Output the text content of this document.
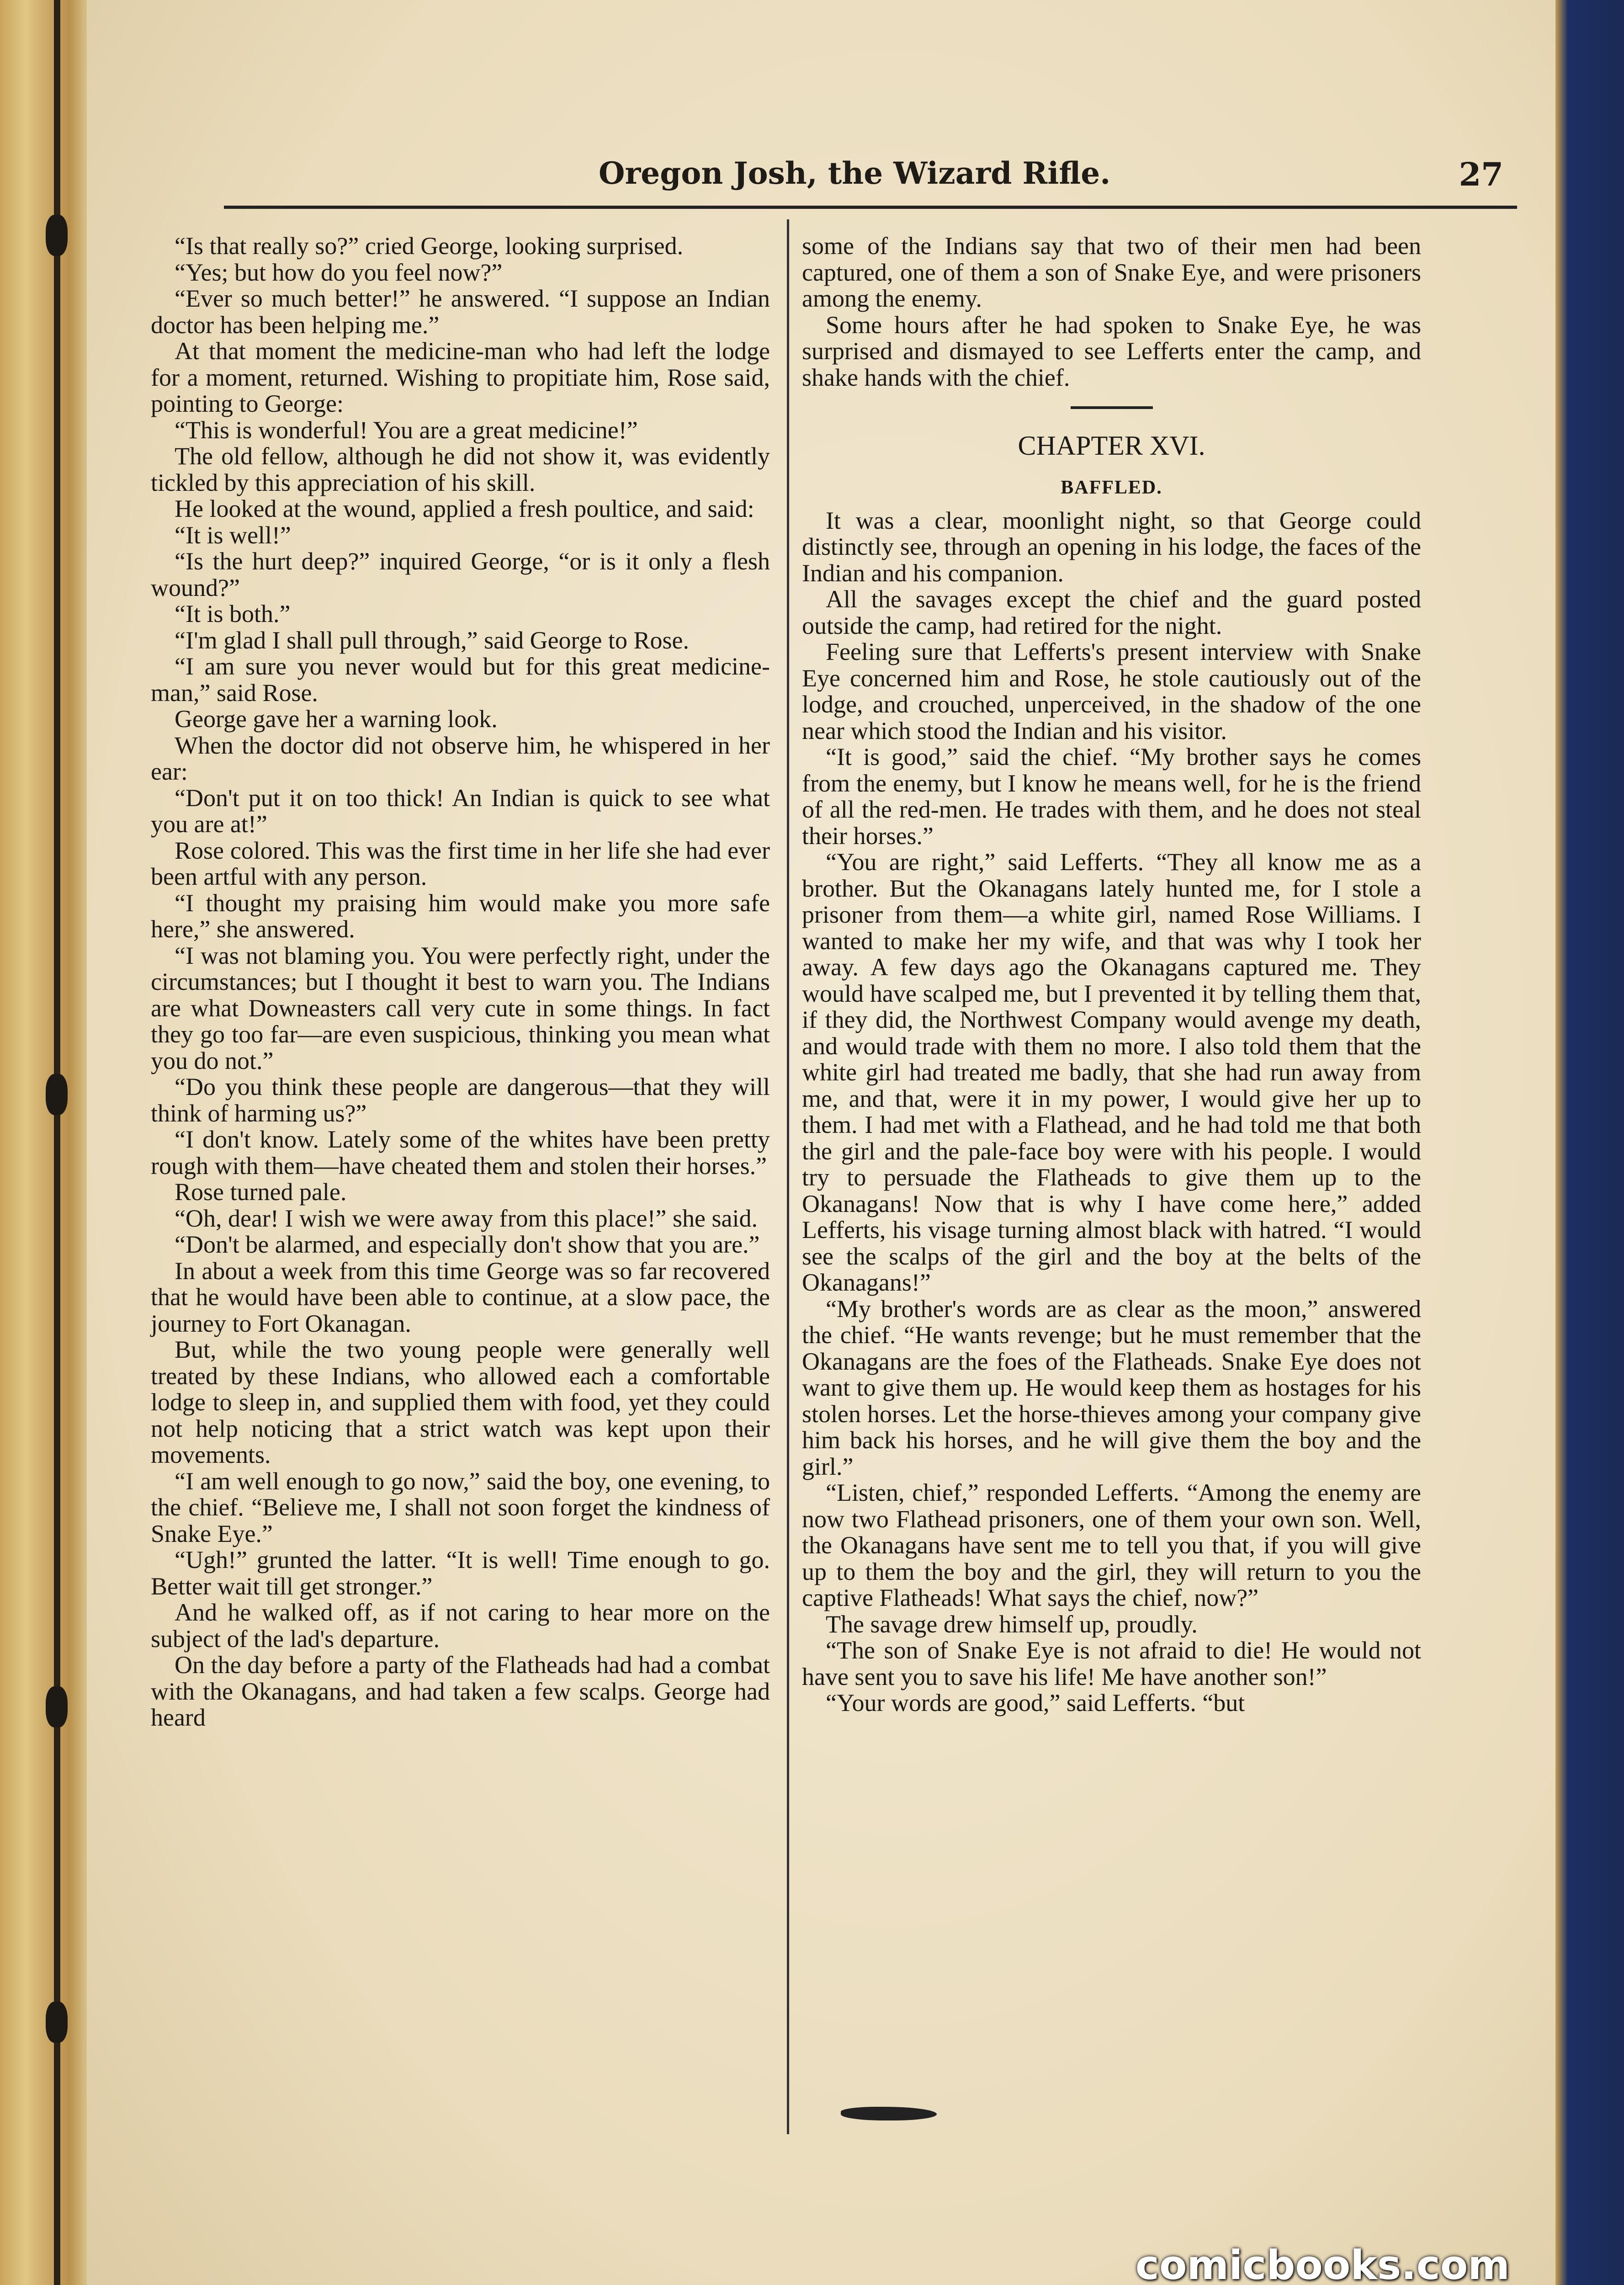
Oregon Josh, the Wizard Rifle.	27

“Is that really so?” cried George, looking surprised.

“Yes; but how do you feel now?”

“Ever so much better!” he answered. “I suppose an Indian doctor has been helping me.”

At that moment the medicine-man who had left the lodge for a moment, returned. Wishing to propitiate him, Rose said, pointing to George:

“This is wonderful! You are a great medicine!”

The old fellow, although he did not show it, was evidently tickled by this appreciation of his skill.

He looked at the wound, applied a fresh poultice, and said:

“It is well!”

“Is the hurt deep?” inquired George, “or is it only a flesh wound?”

“It is both.”

“I'm glad I shall pull through,” said George to Rose.

“I am sure you never would but for this great medicine-man,” said Rose.

George gave her a warning look.

When the doctor did not observe him, he whispered in her ear:

“Don't put it on too thick! An Indian is quick to see what you are at!”

Rose colored. This was the first time in her life she had ever been artful with any person.

“I thought my praising him would make you more safe here,” she answered.

“I was not blaming you. You were perfectly right, under the circumstances; but I thought it best to warn you. The Indians are what Downeasters call very cute in some things. In fact they go too far—are even suspicious, thinking you mean what you do not.”

“Do you think these people are dangerous—that they will think of harming us?”

“I don't know. Lately some of the whites have been pretty rough with them—have cheated them and stolen their horses.”

Rose turned pale.

“Oh, dear! I wish we were away from this place!” she said.

“Don't be alarmed, and especially don't show that you are.”

In about a week from this time George was so far recovered that he would have been able to continue, at a slow pace, the journey to Fort Okanagan.

But, while the two young people were generally well treated by these Indians, who allowed each a comfortable lodge to sleep in, and supplied them with food, yet they could not help noticing that a strict watch was kept upon their movements.

“I am well enough to go now,” said the boy, one evening, to the chief. “Believe me, I shall not soon forget the kindness of Snake Eye.”

“Ugh!” grunted the latter. “It is well! Time enough to go. Better wait till get stronger.”

And he walked off, as if not caring to hear more on the subject of the lad's departure.

On the day before a party of the Flatheads had had a combat with the Okanagans, and had taken a few scalps. George had heard

some of the Indians say that two of their men had been captured, one of them a son of Snake Eye, and were prisoners among the enemy.

Some hours after he had spoken to Snake Eye, he was surprised and dismayed to see Lefferts enter the camp, and shake hands with the chief.

CHAPTER XVI.
BAFFLED.

It was a clear, moonlight night, so that George could distinctly see, through an opening in his lodge, the faces of the Indian and his companion.

All the savages except the chief and the guard posted outside the camp, had retired for the night.

Feeling sure that Lefferts's present interview with Snake Eye concerned him and Rose, he stole cautiously out of the lodge, and crouched, unperceived, in the shadow of the one near which stood the Indian and his visitor.

“It is good,” said the chief. “My brother says he comes from the enemy, but I know he means well, for he is the friend of all the red-men. He trades with them, and he does not steal their horses.”

“You are right,” said Lefferts. “They all know me as a brother. But the Okanagans lately hunted me, for I stole a prisoner from them—a white girl, named Rose Williams. I wanted to make her my wife, and that was why I took her away. A few days ago the Okanagans captured me. They would have scalped me, but I prevented it by telling them that, if they did, the Northwest Company would avenge my death, and would trade with them no more. I also told them that the white girl had treated me badly, that she had run away from me, and that, were it in my power, I would give her up to them. I had met with a Flathead, and he had told me that both the girl and the pale-face boy were with his people. I would try to persuade the Flatheads to give them up to the Okanagans! Now that is why I have come here,” added Lefferts, his visage turning almost black with hatred. “I would see the scalps of the girl and the boy at the belts of the Okanagans!”

“My brother's words are as clear as the moon,” answered the chief. “He wants revenge; but he must remember that the Okanagans are the foes of the Flatheads. Snake Eye does not want to give them up. He would keep them as hostages for his stolen horses. Let the horse-thieves among your company give him back his horses, and he will give them the boy and the girl.”

“Listen, chief,” responded Lefferts. “Among the enemy are now two Flathead prisoners, one of them your own son. Well, the Okanagans have sent me to tell you that, if you will give up to them the boy and the girl, they will return to you the captive Flatheads! What says the chief, now?”

The savage drew himself up, proudly.

“The son of Snake Eye is not afraid to die! He would not have sent you to save his life! Me have another son!”

“Your words are good,” said Lefferts. “but

comicbooks.com
